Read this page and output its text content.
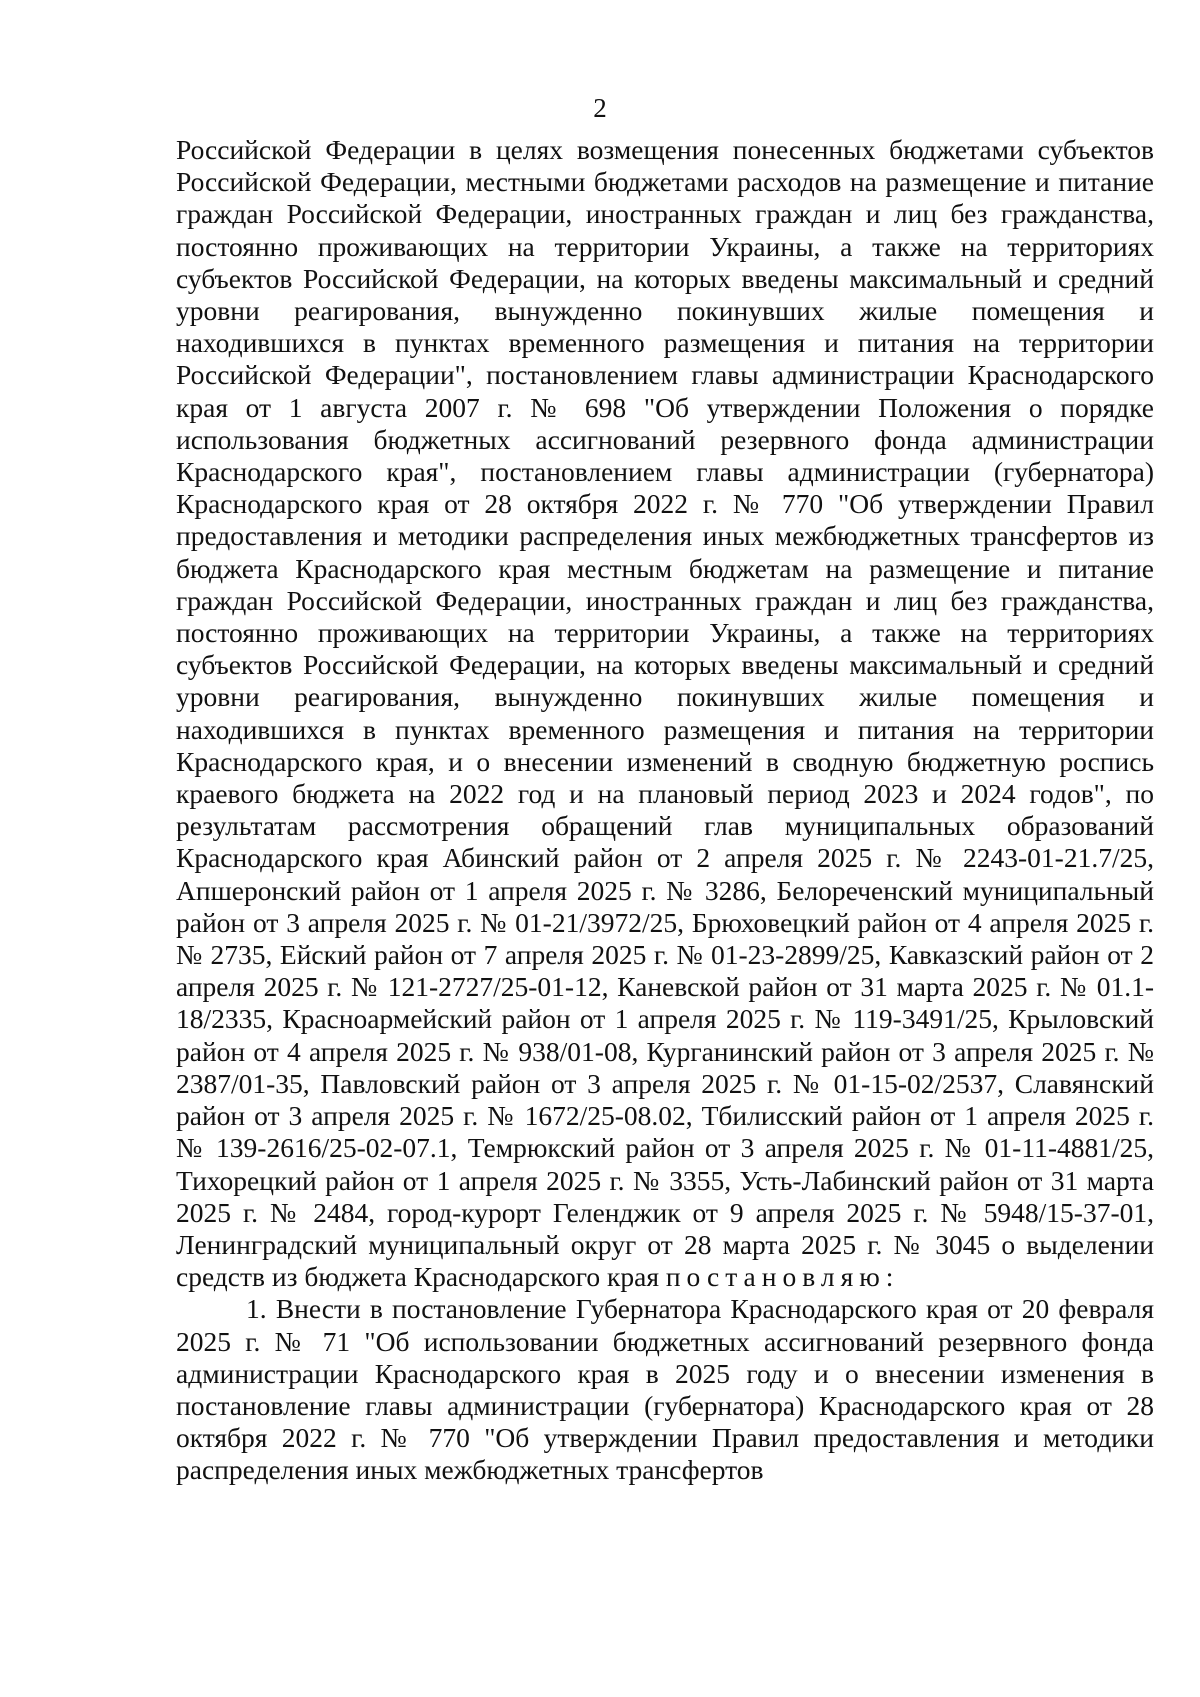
2

Российской Федерации в целях возмещения понесенных бюджетами субъектов Российской Федерации, местными бюджетами расходов на размещение и питание граждан Российской Федерации, иностранных граждан и лиц без гражданства, постоянно проживающих на территории Украины, а также на территориях субъектов Российской Федерации, на которых введены максимальный и средний уровни реагирования, вынужденно покинувших жилые помещения и находившихся в пунктах временного размещения и питания на территории Российской Федерации", постановлением главы администрации Краснодарского края от 1 августа 2007 г. № 698 "Об утверждении Положения о порядке использования бюджетных ассигнований резервного фонда администрации Краснодарского края", постановлением главы администрации (губернатора) Краснодарского края от 28 октября 2022 г. № 770 "Об утверждении Правил предоставления и методики распределения иных межбюджетных трансфертов из бюджета Краснодарского края местным бюджетам на размещение и питание граждан Российской Федерации, иностранных граждан и лиц без гражданства, постоянно проживающих на территории Украины, а также на территориях субъектов Российской Федерации, на которых введены максимальный и средний уровни реагирования, вынужденно покинувших жилые помещения и находившихся в пунктах временного размещения и питания на территории Краснодарского края, и о внесении изменений в сводную бюджетную роспись краевого бюджета на 2022 год и на плановый период 2023 и 2024 годов", по результатам рассмотрения обращений глав муниципальных образований Краснодарского края Абинский район от 2 апреля 2025 г. № 2243-01-21.7/25, Апшеронский район от 1 апреля 2025 г. № 3286, Белореченский муниципальный район от 3 апреля 2025 г. № 01-21/3972/25, Брюховецкий район от 4 апреля 2025 г. № 2735, Ейский район от 7 апреля 2025 г. № 01-23-2899/25, Кавказский район от 2 апреля 2025 г. № 121-2727/25-01-12, Каневской район от 31 марта 2025 г. № 01.1-18/2335, Красноармейский район от 1 апреля 2025 г. № 119-3491/25, Крыловский район от 4 апреля 2025 г. № 938/01-08, Курганинский район от 3 апреля 2025 г. № 2387/01-35, Павловский район от 3 апреля 2025 г. № 01-15-02/2537, Славянский район от 3 апреля 2025 г. № 1672/25-08.02, Тбилисский район от 1 апреля 2025 г. № 139-2616/25-02-07.1, Темрюкский район от 3 апреля 2025 г. № 01-11-4881/25, Тихорецкий район от 1 апреля 2025 г. № 3355, Усть-Лабинский район от 31 марта 2025 г. № 2484, город-курорт Геленджик от 9 апреля 2025 г. № 5948/15-37-01, Ленинградский муниципальный округ от 28 марта 2025 г. № 3045 о выделении средств из бюджета Краснодарского края постановляю:

1. Внести в постановление Губернатора Краснодарского края от 20 февраля 2025 г. № 71 "Об использовании бюджетных ассигнований резервного фонда администрации Краснодарского края в 2025 году и о внесении изменения в постановление главы администрации (губернатора) Краснодарского края от 28 октября 2022 г. № 770 "Об утверждении Правил предоставления и методики распределения иных межбюджетных трансфертов
